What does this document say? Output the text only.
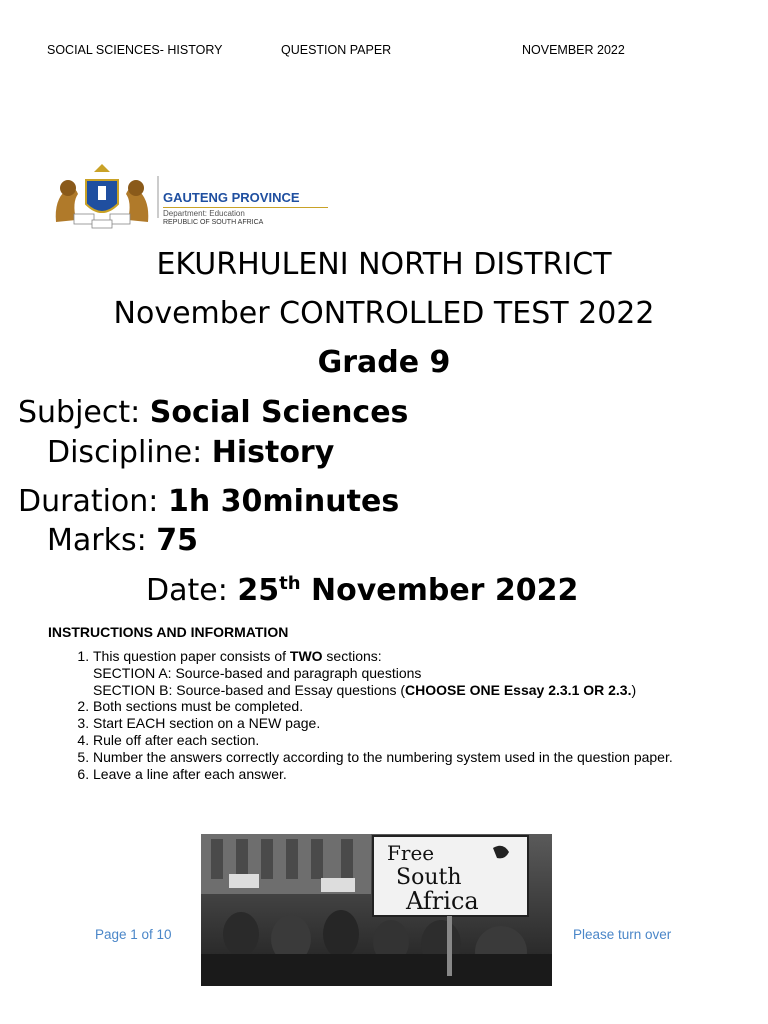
SOCIAL SCIENCES- HISTORY	QUESTION PAPER	NOVEMBER 2022
GAUTENG PROVINCE
Department: Education
REPUBLIC OF SOUTH AFRICA
EKURHULENI NORTH DISTRICT
November CONTROLLED TEST 2022
Grade 9
Subject: Social Sciences
Discipline: History
Duration: 1h 30minutes
Marks: 75
Date: 25th November 2022
INSTRUCTIONS AND INFORMATION
1. This question paper consists of TWO sections:
SECTION A: Source-based and paragraph questions
SECTION B: Source-based and Essay questions (CHOOSE ONE Essay 2.3.1 OR 2.3.)
2. Both sections must be completed.
3. Start EACH section on a NEW page.
4. Rule off after each section.
5. Number the answers correctly according to the numbering system used in the question paper.
6. Leave a line after each answer.
Free
South
Africa
Page 1 of 10	Please turn over
